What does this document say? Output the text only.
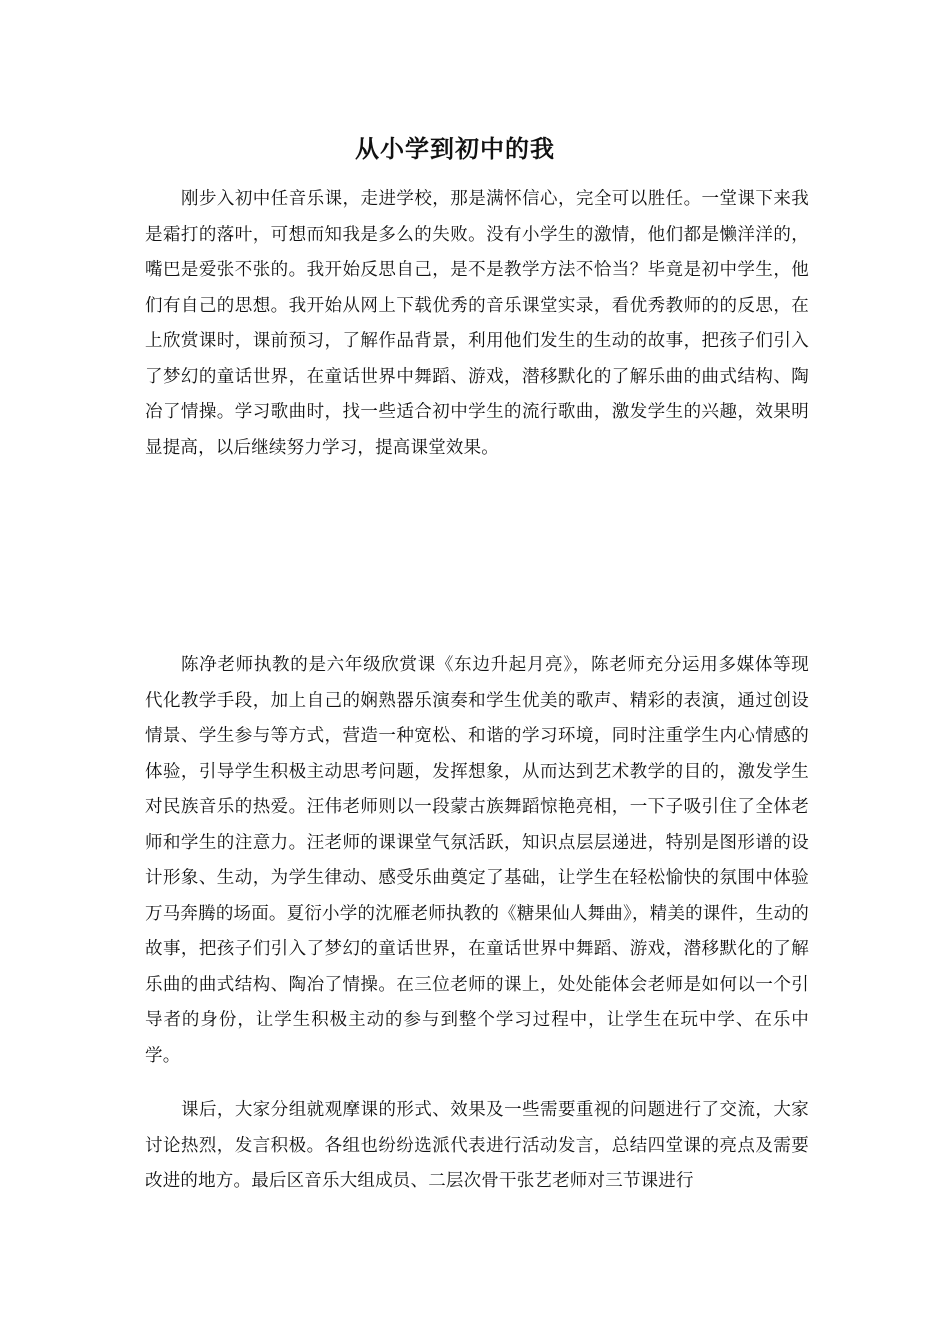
从小学到初中的我

刚步入初中任音乐课，走进学校，那是满怀信心，完全可以胜任。一堂课下来我是霜打的落叶，可想而知我是多么的失败。没有小学生的激情，他们都是懒洋洋的，嘴巴是爱张不张的。我开始反思自己，是不是教学方法不恰当？毕竟是初中学生，他们有自己的思想。我开始从网上下载优秀的音乐课堂实录，看优秀教师的的反思，在上欣赏课时，课前预习，了解作品背景，利用他们发生的生动的故事，把孩子们引入了梦幻的童话世界，在童话世界中舞蹈、游戏，潜移默化的了解乐曲的曲式结构、陶冶了情操。学习歌曲时，找一些适合初中学生的流行歌曲，激发学生的兴趣，效果明显提高，以后继续努力学习，提高课堂效果。

陈净老师执教的是六年级欣赏课《东边升起月亮》，陈老师充分运用多媒体等现代化教学手段，加上自己的娴熟器乐演奏和学生优美的歌声、精彩的表演，通过创设情景、学生参与等方式，营造一种宽松、和谐的学习环境，同时注重学生内心情感的体验，引导学生积极主动思考问题，发挥想象，从而达到艺术教学的目的，激发学生对民族音乐的热爱。汪伟老师则以一段蒙古族舞蹈惊艳亮相，一下子吸引住了全体老师和学生的注意力。汪老师的课课堂气氛活跃，知识点层层递进，特别是图形谱的设计形象、生动，为学生律动、感受乐曲奠定了基础，让学生在轻松愉快的氛围中体验万马奔腾的场面。夏衍小学的沈雁老师执教的《糖果仙人舞曲》，精美的课件，生动的故事，把孩子们引入了梦幻的童话世界，在童话世界中舞蹈、游戏，潜移默化的了解乐曲的曲式结构、陶冶了情操。在三位老师的课上，处处能体会老师是如何以一个引导者的身份，让学生积极主动的参与到整个学习过程中，让学生在玩中学、在乐中学。

课后，大家分组就观摩课的形式、效果及一些需要重视的问题进行了交流，大家讨论热烈，发言积极。各组也纷纷选派代表进行活动发言，总结四堂课的亮点及需要改进的地方。最后区音乐大组成员、二层次骨干张艺老师对三节课进行
